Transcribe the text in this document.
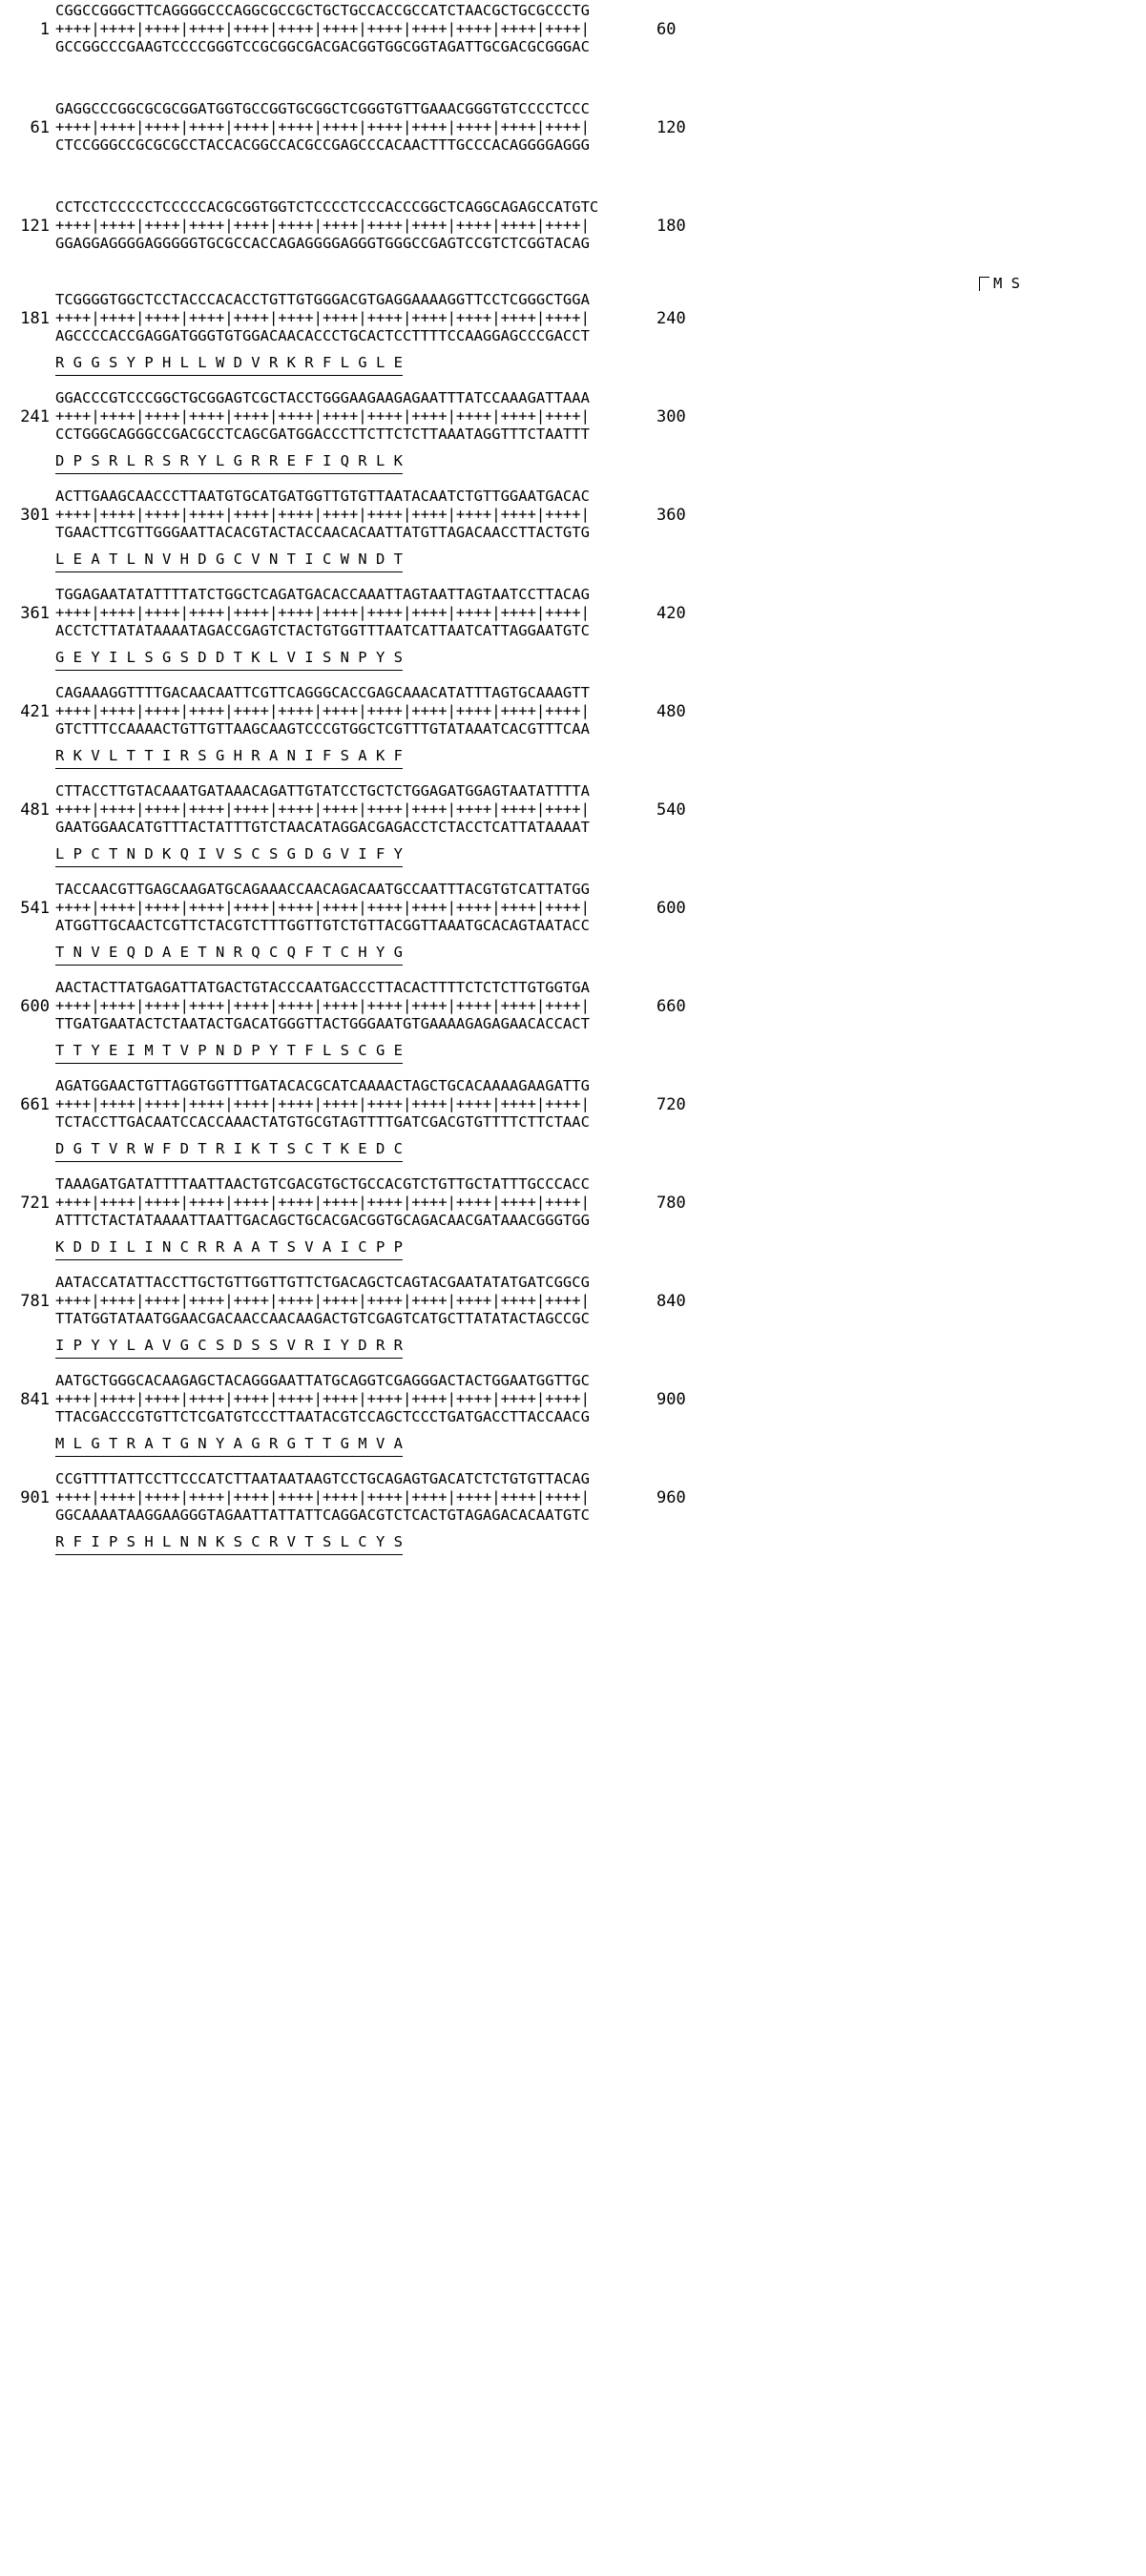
1
CGGCCGGGCTTCAGGGGCCCAGGCGCCGCTGCTGCCACCGCCATCTAACGCTGCGCCCTG
++++|++++|++++|++++|++++|++++|++++|++++|++++|++++|++++|++++|
GCCGGCCCGAAGTCCCCGGGTCCGCGGCGACGACGGTGGCGGTAGATTGCGACGCGGGAC
60
61
GAGGCCCGGCGCGCGGATGGTGCCGGTGCGGCTCGGGTGTTGAAACGGGTGTCCCCTCCC
++++|++++|++++|++++|++++|++++|++++|++++|++++|++++|++++|++++|
CTCCGGGCCGCGCGCCTACCACGGCCACGCCGAGCCCACAACTTTGCCCACAGGGGAGGG
120
121
CCTCCTCCCCCTCCCCCACGCGGTGGTCTCCCCTCCCACCCGGCTCAGGCAGAGCCATGTC
++++|++++|++++|++++|++++|++++|++++|++++|++++|++++|++++|++++|
GGAGGAGGGGAGGGGGTGCGCCACCAGAGGGGAGGGTGGGCCGAGTCCGTCTCGGTACAG
180
M S
181
TCGGGGTGGCTCCTACCCACACCTGTTGTGGGACGTGAGGAAAAGGTTCCTCGGGCTGGA
++++|++++|++++|++++|++++|++++|++++|++++|++++|++++|++++|++++|
AGCCCCACCGAGGATGGGTGTGGACAACACCCTGCACTCCTTTTCCAAGGAGCCCGACCT
240
R G G S Y P H L L W D V R K R F L G L E
241
GGACCCGTCCCGGCTGCGGAGTCGCTACCTGGGAAGAAGAGAATTTATCCAAAGATTAAA
++++|++++|++++|++++|++++|++++|++++|++++|++++|++++|++++|++++|
CCTGGGCAGGGCCGACGCCTCAGCGATGGACCCTTCTTCTCTTAAATAGGTTTCTAATTT
300
D P S R L R S R Y L G R R E F I Q R L K
301
ACTTGAAGCAACCCTTAATGTGCATGATGGTTGTGTTAATACAATCTGTTGGAATGACAC
++++|++++|++++|++++|++++|++++|++++|++++|++++|++++|++++|++++|
TGAACTTCGTTGGGAATTACACGTACTACCAACACAATTATGTTAGACAACCTTACTGTG
360
L E A T L N V H D G C V N T I C W N D T
361
TGGAGAATATATTTTATCTGGCTCAGATGACACCAAATTAGTAATTAGTAATCCTTACAG
++++|++++|++++|++++|++++|++++|++++|++++|++++|++++|++++|++++|
ACCTCTTATATAAAATAGACCGAGTCTACTGTGGTTTAATCATTAATCATTAGGAATGTC
420
G E Y I L S G S D D T K L V I S N P Y S
421
CAGAAAGGTTTTGACAACAATTCGTTCAGGGCACCGAGCAAACATATTTAGTGCAAAGTT
++++|++++|++++|++++|++++|++++|++++|++++|++++|++++|++++|++++|
GTCTTTCCAAAACTGTTGTTAAGCAAGTCCCGTGGCTCGTTTGTATAAATCACGTTTCAA
480
R K V L T T I R S G H R A N I F S A K F
481
CTTACCTTGTACAAATGATAAACAGATTGTATCCTGCTCTGGAGATGGAGTAATATTTTA
++++|++++|++++|++++|++++|++++|++++|++++|++++|++++|++++|++++|
GAATGGAACATGTTTACTATTTGTCTAACATAGGACGAGACCTCTACCTCATTATAAAAT
540
L P C T N D K Q I V S C S G D G V I F Y
541
TACCAACGTTGAGCAAGATGCAGAAACCAACAGACAATGCCAATTTACGTGTCATTATGG
++++|++++|++++|++++|++++|++++|++++|++++|++++|++++|++++|++++|
ATGGTTGCAACTCGTTCTACGTCTTTGGTTGTCTGTTACGGTTAAATGCACAGTAATACC
600
T N V E Q D A E T N R Q C Q F T C H Y G
600
AACTACTTATGAGATTATGACTGTACCCAATGACCCTTACACTTTTCTCTCTTGTGGTGA
++++|++++|++++|++++|++++|++++|++++|++++|++++|++++|++++|++++|
TTGATGAATACTCTAATACTGACATGGGTTACTGGGAATGTGAAAAGAGAGAACACCACT
660
T T Y E I M T V P N D P Y T F L S C G E
661
AGATGGAACTGTTAGGTGGTTTGATACACGCATCAAAACTAGCTGCACAAAAGAAGATTG
++++|++++|++++|++++|++++|++++|++++|++++|++++|++++|++++|++++|
TCTACCTTGACAATCCACCAAACTATGTGCGTAGTTTTGATCGACGTGTTTTCTTCTAAC
720
D G T V R W F D T R I K T S C T K E D C
721
TAAAGATGATATTTTAATTAACTGTCGACGTGCTGCCACGTCTGTTGCTATTTGCCCACC
++++|++++|++++|++++|++++|++++|++++|++++|++++|++++|++++|++++|
ATTTCTACTATAAAATTAATTGACAGCTGCACGACGGTGCAGACAACGATAAACGGGTGG
780
K D D I L I N C R R A A T S V A I C P P
781
AATACCATATTACCTTGCTGTTGGTTGTTCTGACAGCTCAGTACGAATATATGATCGGCG
++++|++++|++++|++++|++++|++++|++++|++++|++++|++++|++++|++++|
TTATGGTATAATGGAACGACAACCAACAAGACTGTCGAGTCATGCTTATATACTAGCCGC
840
I P Y Y L A V G C S D S S V R I Y D R R
841
AATGCTGGGCACAAGAGCTACAGGGAATTATGCAGGTCGAGGGACTACTGGAATGGTTGC
++++|++++|++++|++++|++++|++++|++++|++++|++++|++++|++++|++++|
TTACGACCCGTGTTCTCGATGTCCCTTAATACGTCCAGCTCCCTGATGACCTTACCAACG
900
M L G T R A T G N Y A G R G T T G M V A
901
CCGTTTTATTCCTTCCCATCTTAATAATAAGTCCTGCAGAGTGACATCTCTGTGTTACAG
++++|++++|++++|++++|++++|++++|++++|++++|++++|++++|++++|++++|
GGCAAAATAAGGAAGGGTAGAATTATTATTCAGGACGTCTCACTGTAGAGACACAATGTC
960
R F I P S H L N N K S C R V T S L C Y S
